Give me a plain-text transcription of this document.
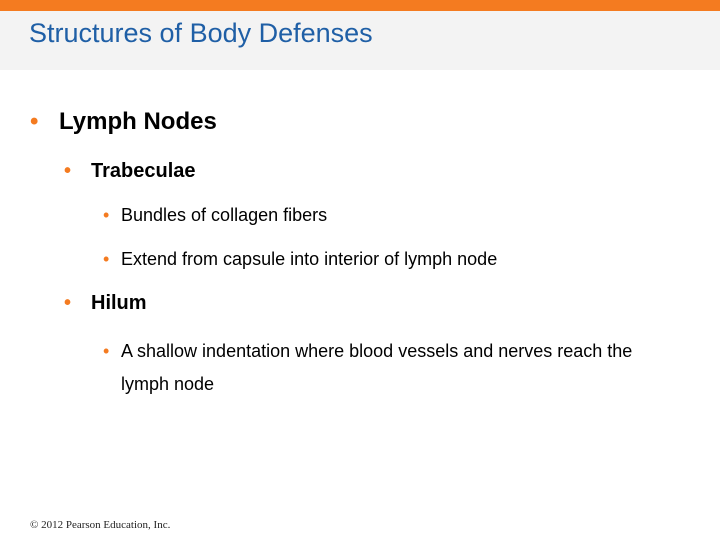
Structures of Body Defenses
• Lymph Nodes
• Trabeculae
• Bundles of collagen fibers
• Extend from capsule into interior of lymph node
• Hilum
• A shallow indentation where blood vessels and nerves reach the lymph node
© 2012 Pearson Education, Inc.
